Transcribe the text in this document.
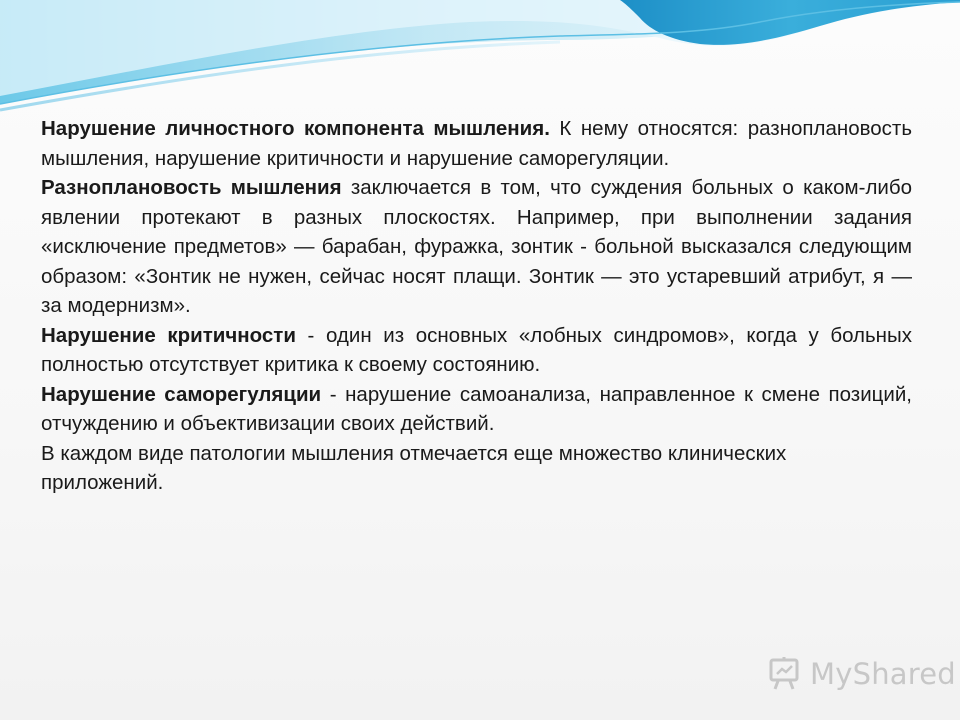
Нарушение личностного компонента мышления. К нему относятся: разноплановость мышления, нарушение критичности и нарушение саморегуляции.

Разноплановость мышления заключается в том, что суждения больных о каком-либо явлении протекают в разных плоскостях. Например, при выполнении задания «исключение предметов» — барабан, фуражка, зонтик - больной высказался следующим образом: «Зонтик не нужен, сейчас носят плащи. Зонтик — это устаревший атрибут, я — за модернизм».

Нарушение критичности - один из основных «лобных синдромов», когда у больных полностью отсутствует критика к своему состоянию.

Нарушение саморегуляции - нарушение самоанализа, направленное к смене позиций, отчуждению и объективизации своих действий.

В каждом виде патологии мышления отмечается еще множество клинических приложений.

MyShared
